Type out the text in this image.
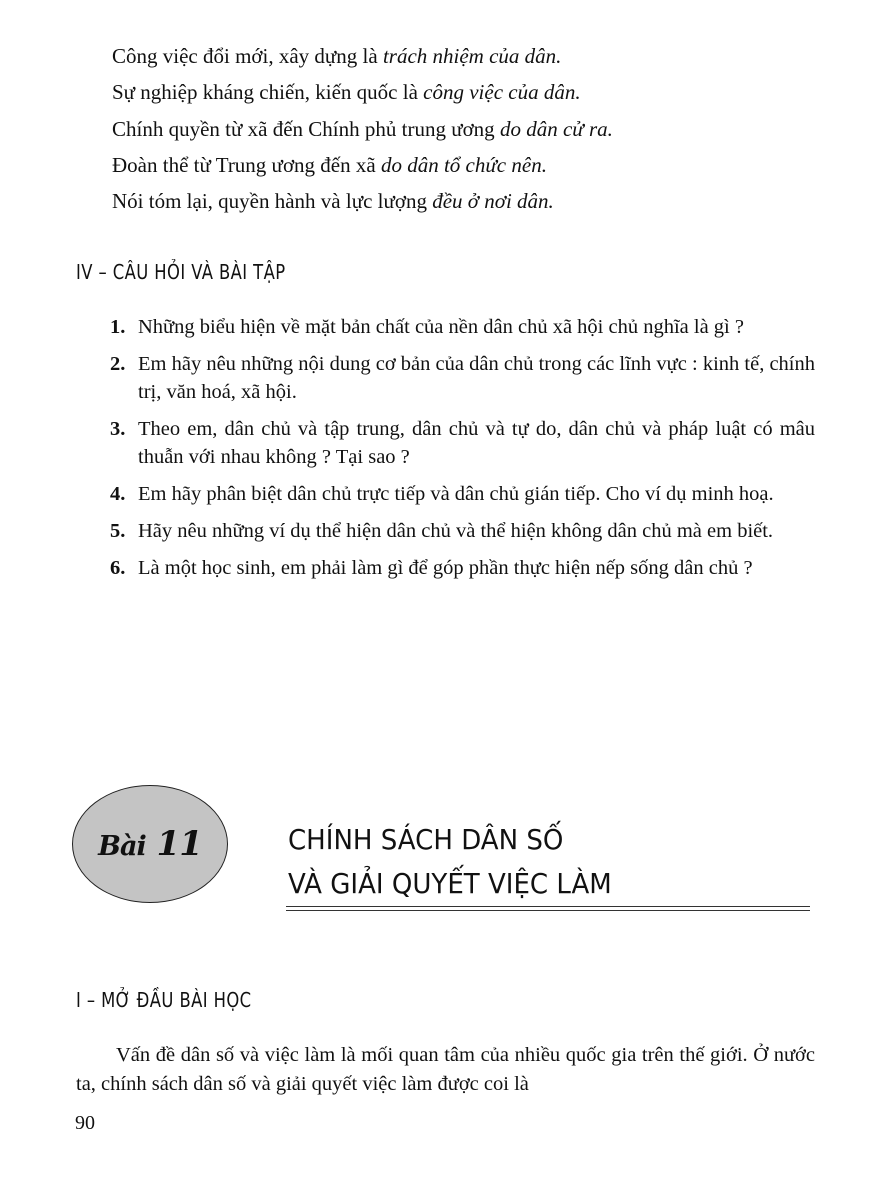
Công việc đổi mới, xây dựng là trách nhiệm của dân.
Sự nghiệp kháng chiến, kiến quốc là công việc của dân.
Chính quyền từ xã đến Chính phủ trung ương do dân cử ra.
Đoàn thể từ Trung ương đến xã do dân tổ chức nên.
Nói tóm lại, quyền hành và lực lượng đều ở nơi dân.
IV – CÂU HỎI VÀ BÀI TẬP
1. Những biểu hiện về mặt bản chất của nền dân chủ xã hội chủ nghĩa là gì ?
2. Em hãy nêu những nội dung cơ bản của dân chủ trong các lĩnh vực : kinh tế, chính trị, văn hoá, xã hội.
3. Theo em, dân chủ và tập trung, dân chủ và tự do, dân chủ và pháp luật có mâu thuẫn với nhau không ? Tại sao ?
4. Em hãy phân biệt dân chủ trực tiếp và dân chủ gián tiếp. Cho ví dụ minh hoạ.
5. Hãy nêu những ví dụ thể hiện dân chủ và thể hiện không dân chủ mà em biết.
6. Là một học sinh, em phải làm gì để góp phần thực hiện nếp sống dân chủ ?
Bài 11	CHÍNH SÁCH DÂN SỐ
VÀ GIẢI QUYẾT VIỆC LÀM
I – MỞ ĐẦU BÀI HỌC

Vấn đề dân số và việc làm là mối quan tâm của nhiều quốc gia trên thế giới. Ở nước ta, chính sách dân số và giải quyết việc làm được coi là

90
